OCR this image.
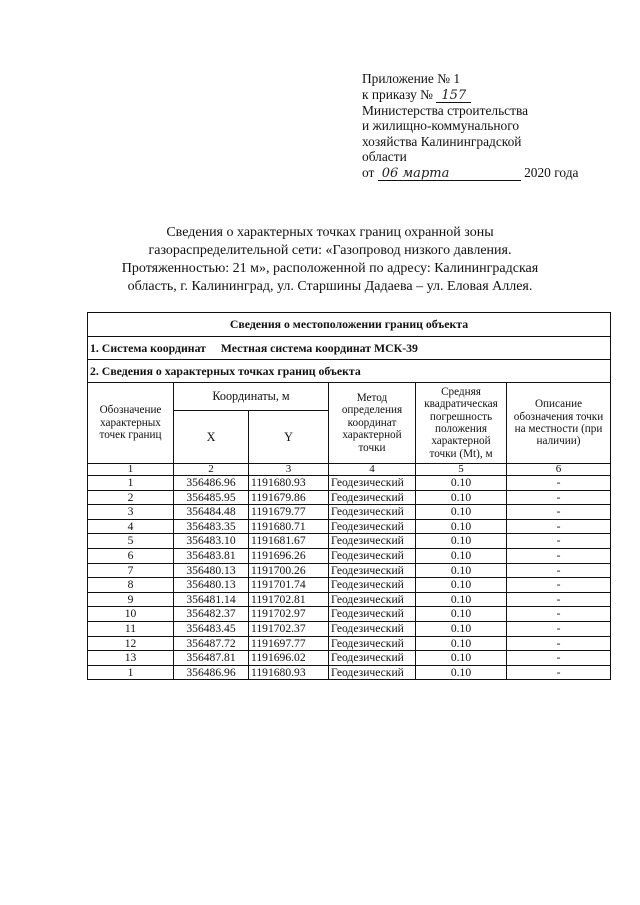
Приложение № 1
к приказу № 157
Министерства строительства
и жилищно-коммунального
хозяйства Калининградской
области
от 06 марта	2020 года
Сведения о характерных точках границ охранной зоны
газораспределительной сети: «Газопровод низкого давления.
Протяженностью: 21 м», расположенной по адресу: Калининградская
область, г. Калининград, ул. Старшины Дадаева – ул. Еловая Аллея.
Сведения о местоположении границ объекта					
1. Система координат Местная система координат МСК-39					
2. Сведения о характерных точках границ объекта					
Обозначение характерных точек границ	Координаты, м		Метод определения координат характерной точки	Средняя квадратическая погрешность положения характерной точки (Mt), м	Описание обозначения точки на местности (при наличии)
	X	Y			
1	2	3	4	5	6
1	356486.96	1191680.93	Геодезический	0.10	-
2	356485.95	1191679.86	Геодезический	0.10	-
3	356484.48	1191679.77	Геодезический	0.10	-
4	356483.35	1191680.71	Геодезический	0.10	-
5	356483.10	1191681.67	Геодезический	0.10	-
6	356483.81	1191696.26	Геодезический	0.10	-
7	356480.13	1191700.26	Геодезический	0.10	-
8	356480.13	1191701.74	Геодезический	0.10	-
9	356481.14	1191702.81	Геодезический	0.10	-
10	356482.37	1191702.97	Геодезический	0.10	-
11	356483.45	1191702.37	Геодезический	0.10	-
12	356487.72	1191697.77	Геодезический	0.10	-
13	356487.81	1191696.02	Геодезический	0.10	-
1	356486.96	1191680.93	Геодезический	0.10	-
